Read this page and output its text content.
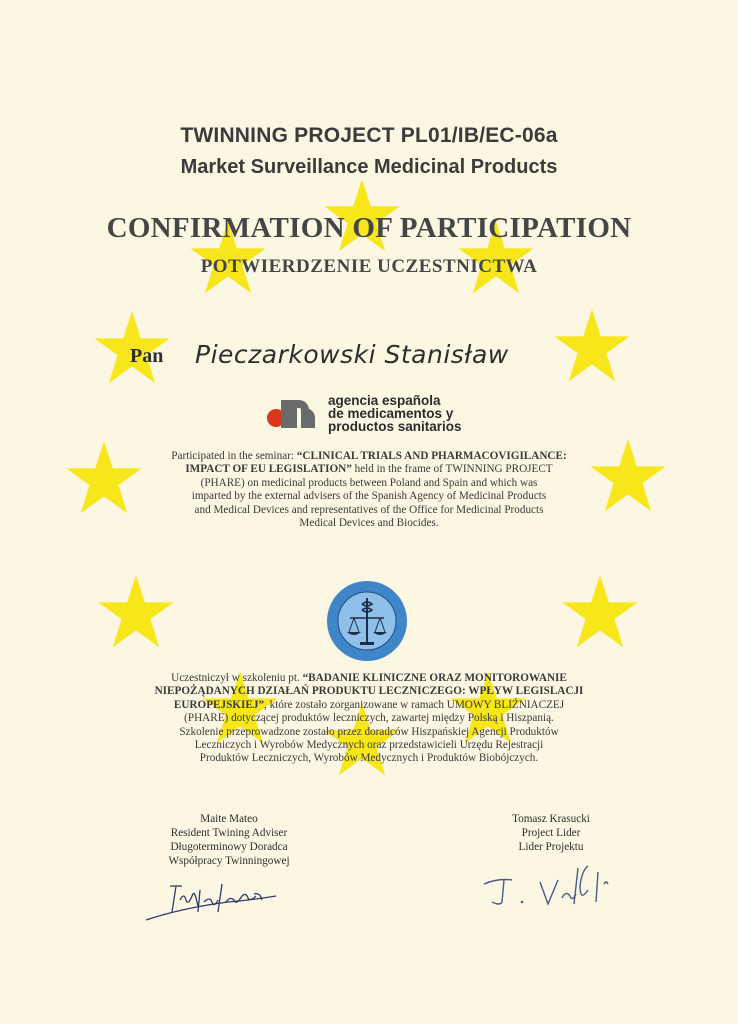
TWINNING PROJECT PL01/IB/EC-06a
Market Surveillance Medicinal Products
CONFIRMATION OF PARTICIPATION
POTWIERDZENIE UCZESTNICTWA
Pan Pieczarkowski Stanisław
agencia española
de medicamentos y
productos sanitarios
Participated in the seminar: “CLINICAL TRIALS AND PHARMACOVIGILANCE:
IMPACT OF EU LEGISLATION” held in the frame of TWINNING PROJECT
(PHARE) on medicinal products between Poland and Spain and which was
imparted by the external advisers of the Spanish Agency of Medicinal Products
and Medical Devices and representatives of the Office for Medicinal Products
Medical Devices and Biocides.
Uczestniczył w szkoleniu pt. “BADANIE KLINICZNE ORAZ MONITOROWANIE
NIEPOŻĄDANYCH DZIAŁAŃ PRODUKTU LECZNICZEGO: WPŁYW LEGISLACJI
EUROPEJSKIEJ”, które zostało zorganizowane w ramach UMOWY BLIŹNIACZEJ
(PHARE) dotyczącej produktów leczniczych, zawartej między Polską i Hiszpanią.
Szkolenie przeprowadzone zostało przez doradców Hiszpańskiej Agencji Produktów
Leczniczych i Wyrobów Medycznych oraz przedstawicieli Urzędu Rejestracji
Produktów Leczniczych, Wyrobów Medycznych i Produktów Biobójczych.
Maite Mateo
Resident Twining Adviser
Długoterminowy Doradca
Współpracy Twinningowej
Tomasz Krasucki
Project Lider
Lider Projektu
